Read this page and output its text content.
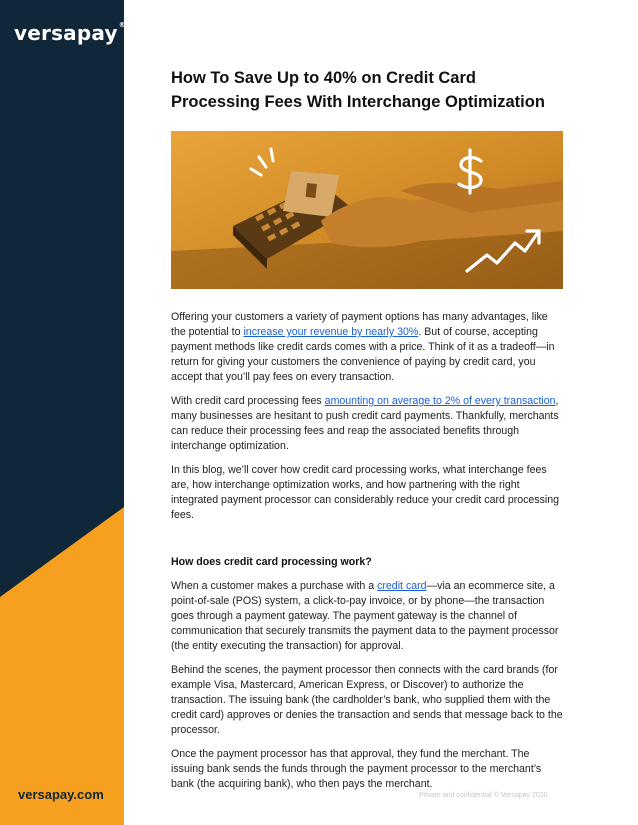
versapay®
versapay.com
How To Save Up to 40% on Credit Card Processing Fees With Interchange Optimization

Offering your customers a variety of payment options has many advantages, like the potential to increase your revenue by nearly 30%. But of course, accepting payment methods like credit cards comes with a price. Think of it as a tradeoff—in return for giving your customers the convenience of paying by credit card, you accept that you’ll pay fees on every transaction.

With credit card processing fees amounting on average to 2% of every transaction, many businesses are hesitant to push credit card payments. Thankfully, merchants can reduce their processing fees and reap the associated benefits through interchange optimization.

In this blog, we’ll cover how credit card processing works, what interchange fees are, how interchange optimization works, and how partnering with the right integrated payment processor can considerably reduce your credit card processing fees.

How does credit card processing work?

When a customer makes a purchase with a credit card—via an ecommerce site, a point-of-sale (POS) system, a click-to-pay invoice, or by phone—the transaction goes through a payment gateway. The payment gateway is the channel of communication that securely transmits the payment data to the payment processor (the entity executing the transaction) for approval.

Behind the scenes, the payment processor then connects with the card brands (for example Visa, Mastercard, American Express, or Discover) to authorize the transaction. The issuing bank (the cardholder’s bank, who supplied them with the credit card) approves or denies the transaction and sends that message back to the processor.

Once the payment processor has that approval, they fund the merchant. The issuing bank sends the funds through the payment processor to the merchant’s bank (the acquiring bank), who then pays the merchant.

Private and confidential © Versapay 2020
